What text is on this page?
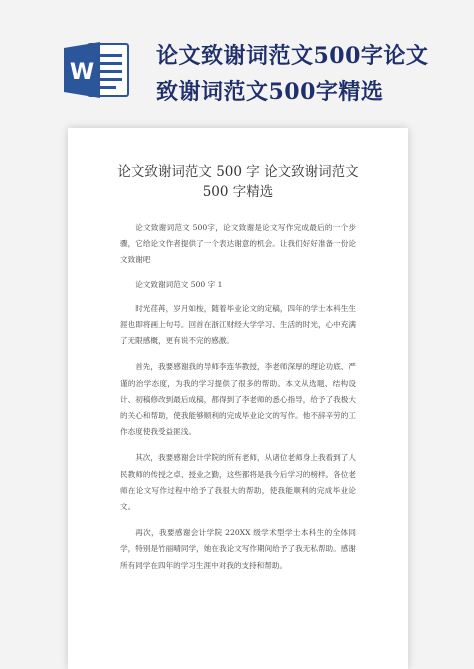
W
论文致谢词范文500字论文
致谢词范文500字精选
论文致谢词范文 500 字 论文致谢词范文
500 字精选

论文致谢词范文 500字，论文致谢是论文写作完成最后的一个步骤，它给论文作者提供了一个表达谢意的机会。让我们好好准备一份论文致谢吧

论文致谢词范文 500 字 1

时光荏苒，岁月如梭，随着毕业论文的定稿，四年的学士本科生生涯也即将画上句号。回首在浙江财经大学学习、生活的时光，心中充满了无限感概，更有说不完的感激。

首先，我要感谢我的导师李连华教授，李老师深厚的理论功底、严谨的治学态度，为我的学习提供了很多的帮助。本文从选题、结构设计、初稿修改到最后成稿，都得到了李老师的悉心指导，给予了我极大的关心和帮助，使我能够顺利的完成毕业论文的写作。他不辞辛劳的工作态度使我受益匪浅。

其次，我要感谢会计学院的所有老师，从诸位老师身上我看到了人民教师的传授之卓、授业之勤，这些都将是我今后学习的榜样。各位老师在论文写作过程中给予了我很大的帮助，使我能顺利的完成毕业论文。

再次，我要感谢会计学院 220XX 级学术型学士本科生的全体同学，特别是竹丽晴同学，她在我论文写作期间给予了我无私帮助。感谢所有同学在四年的学习生涯中对我的支持和帮助。
